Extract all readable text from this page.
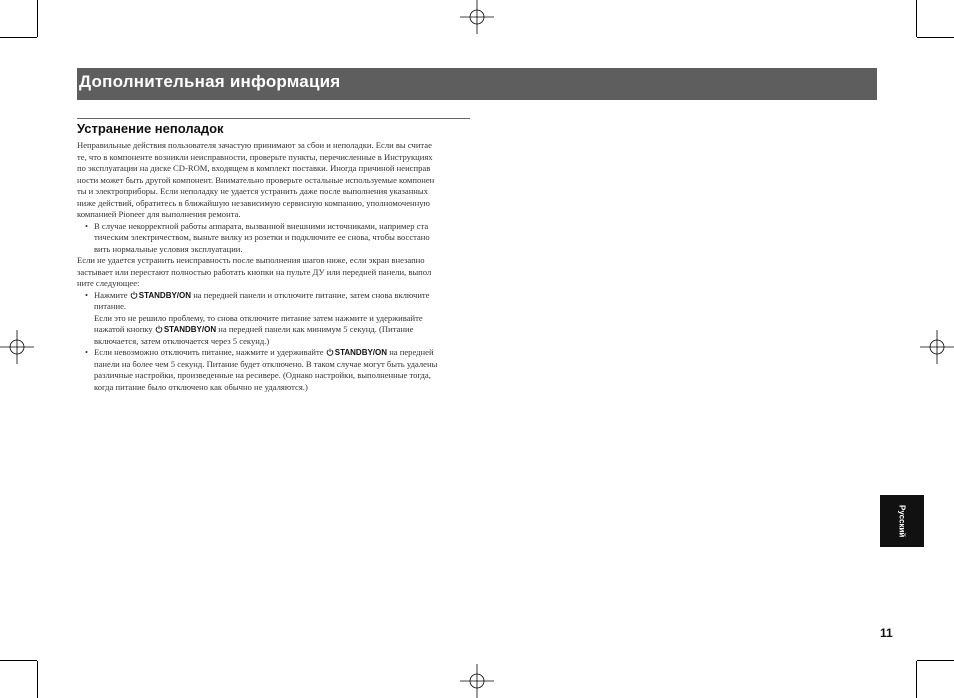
Дополнительная информация
Устранение неполадок

Неправильные действия пользователя зачастую принимают за сбои и неполадки. Если вы считае
те, что в компоненте возникли неисправности, проверьте пункты, перечисленные в Инструкциях
по эксплуатации на диске CD-ROM, входящем в комплект поставки. Иногда причиной неисправ
ности может быть другой компонент. Внимательно проверьте остальные используемые компонен
ты и электроприборы. Если неполадку не удается устранить даже после выполнения указанных
ниже действий, обратитесь в ближайшую независимую сервисную компанию, уполномоченную
компанией Pioneer для выполнения ремонта.

• В случае некорректной работы аппарата, вызванной внешними источниками, например ста
тическим электричеством, выньте вилку из розетки и подключите ее снова, чтобы восстано
вить нормальные условия эксплуатации.

Если не удается устранить неисправность после выполнения шагов ниже, если экран внезапно
застывает или перестают полностью работать кнопки на пульте ДУ или передней панели, выпол
ните следующее:

• Нажмите STANDBY/ON на передней панели и отключите питание, затем снова включите
питание.
Если это не решило проблему, то снова отключите питание затем нажмите и удерживайте
нажатой кнопку STANDBY/ON на передней панели как минимум 5 секунд. (Питание
включается, затем отключается через 5 секунд.)
• Если невозможно отключить питание, нажмите и удерживайте STANDBY/ON на передней
панели на более чем 5 секунд. Питание будет отключено. В таком случае могут быть удалены
различные настройки, произведенные на ресивере. (Однако настройки, выполненные тогда,
когда питание было отключено как обычно не удаляются.)
Русский
11
